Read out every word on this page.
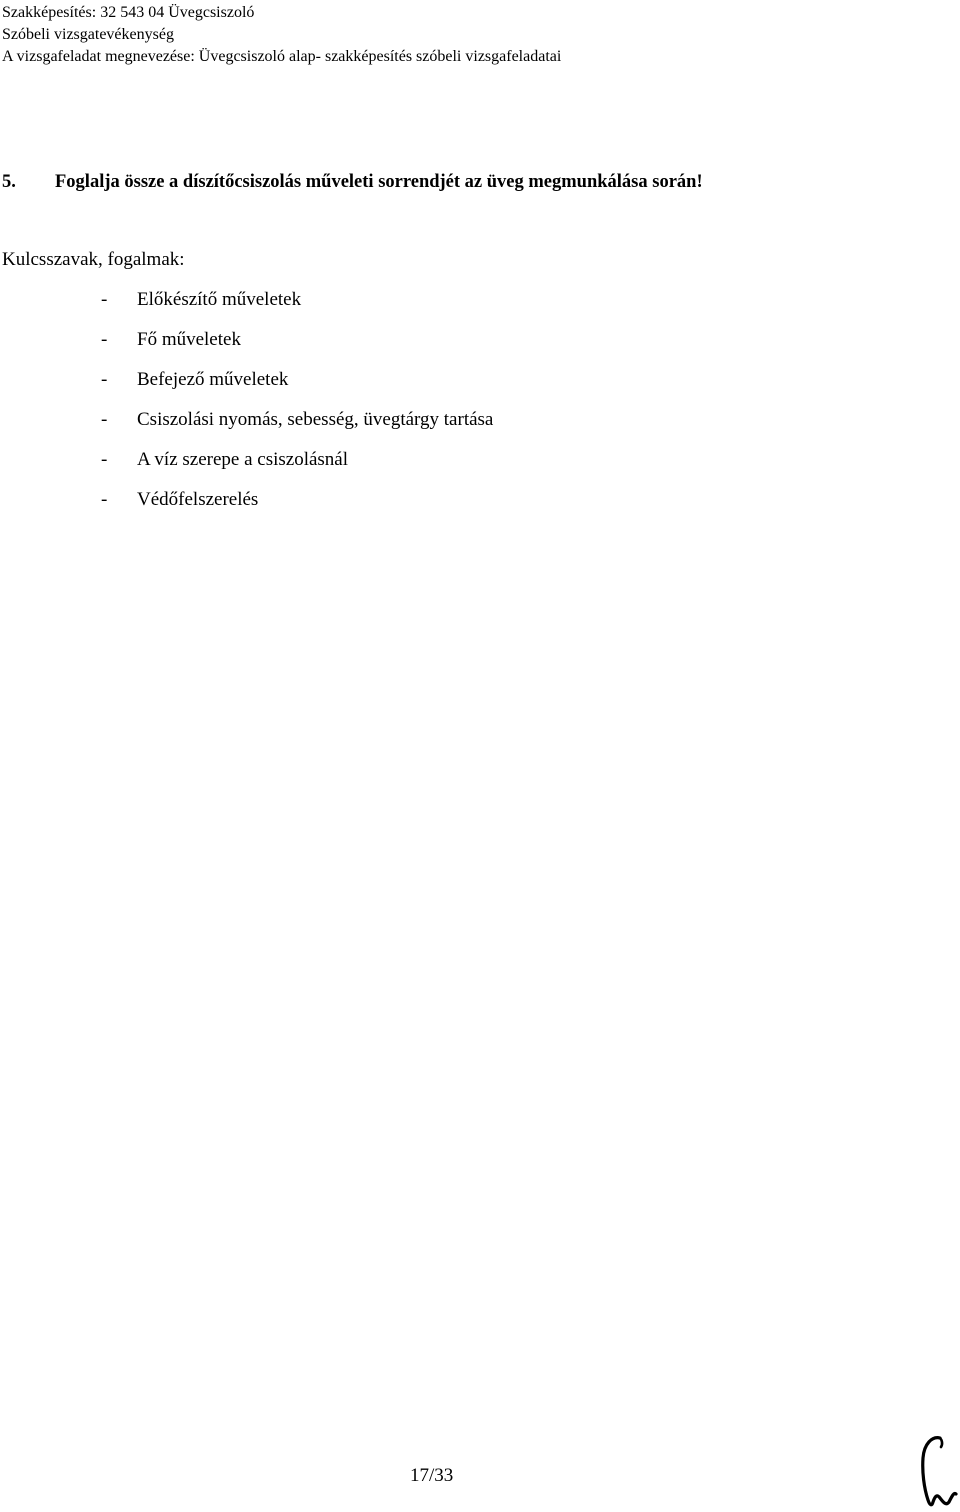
Szakképesítés: 32 543 04 Üvegcsiszoló
Szóbeli vizsgatevékenység
A vizsgafeladat megnevezése: Üvegcsiszoló alap- szakképesítés szóbeli vizsgafeladatai
5. Foglalja össze a díszítőcsiszolás műveleti sorrendjét az üveg megmunkálása során!
Kulcsszavak, fogalmak:
- Előkészítő műveletek
- Fő műveletek
- Befejező műveletek
- Csiszolási nyomás, sebesség, üvegtárgy tartása
- A víz szerepe a csiszolásnál
- Védőfelszerelés
17/33
